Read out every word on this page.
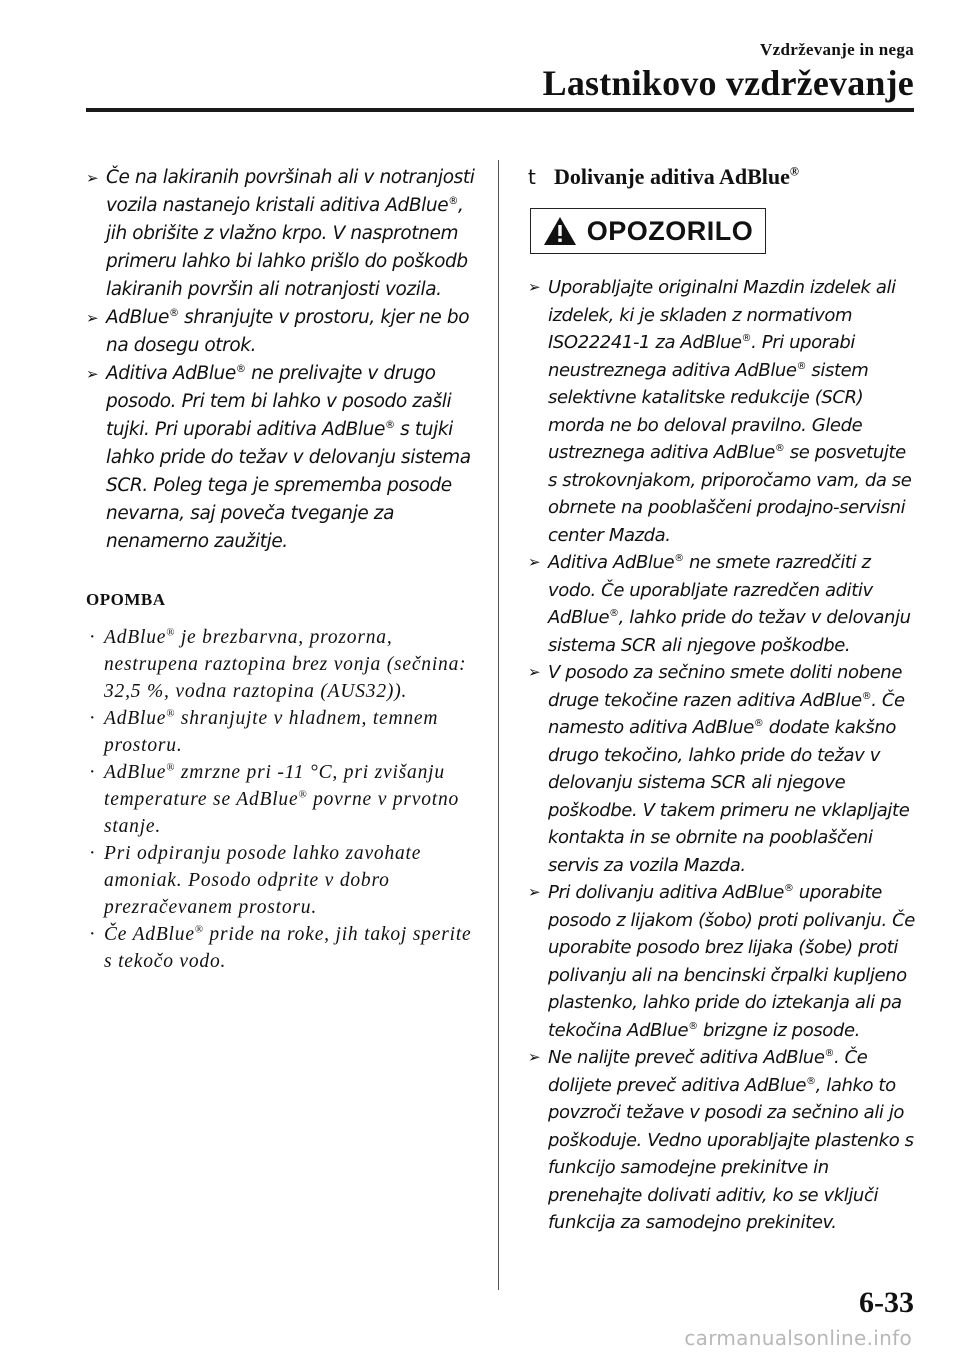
Vzdrževanje in nega
Lastnikovo vzdrževanje
➢ Če na lakiranih površinah ali v notranjosti vozila nastanejo kristali aditiva AdBlue®, jih obrišite z vlažno krpo. V nasprotnem primeru lahko bi lahko prišlo do poškodb lakiranih površin ali notranjosti vozila.
➢ AdBlue® shranjujte v prostoru, kjer ne bo na dosegu otrok.
➢ Aditiva AdBlue® ne prelivajte v drugo posodo. Pri tem bi lahko v posodo zašli tujki. Pri uporabi aditiva AdBlue® s tujki lahko pride do težav v delovanju sistema SCR. Poleg tega je sprememba posode nevarna, saj poveča tveganje za nenamerno zaužitje.
OPOMBA
· AdBlue® je brezbarvna, prozorna, nestrupena raztopina brez vonja (sečnina: 32,5 %, vodna raztopina (AUS32)).
· AdBlue® shranjujte v hladnem, temnem prostoru.
· AdBlue® zmrzne pri -11 °C, pri zvišanju temperature se AdBlue® povrne v prvotno stanje.
· Pri odpiranju posode lahko zavohate amoniak. Posodo odprite v dobro prezračevanem prostoru.
· Če AdBlue® pride na roke, jih takoj sperite s tekočo vodo.
t Dolivanje aditiva AdBlue®
OPOZORILO
➢ Uporabljajte originalni Mazdin izdelek ali izdelek, ki je skladen z normativom ISO22241-1 za AdBlue®. Pri uporabi neustreznega aditiva AdBlue® sistem selektivne katalitske redukcije (SCR) morda ne bo deloval pravilno. Glede ustreznega aditiva AdBlue® se posvetujte s strokovnjakom, priporočamo vam, da se obrnete na pooblaščeni prodajno-servisni center Mazda.
➢ Aditiva AdBlue® ne smete razredčiti z vodo. Če uporabljate razredčen aditiv AdBlue®, lahko pride do težav v delovanju sistema SCR ali njegove poškodbe.
➢ V posodo za sečnino smete doliti nobene druge tekočine razen aditiva AdBlue®. Če namesto aditiva AdBlue® dodate kakšno drugo tekočino, lahko pride do težav v delovanju sistema SCR ali njegove poškodbe. V takem primeru ne vklapljajte kontakta in se obrnite na pooblaščeni servis za vozila Mazda.
➢ Pri dolivanju aditiva AdBlue® uporabite posodo z lijakom (šobo) proti polivanju. Če uporabite posodo brez lijaka (šobe) proti polivanju ali na bencinski črpalki kupljeno plastenko, lahko pride do iztekanja ali pa tekočina AdBlue® brizgne iz posode.
➢ Ne nalijte preveč aditiva AdBlue®. Če dolijete preveč aditiva AdBlue®, lahko to povzroči težave v posodi za sečnino ali jo poškoduje. Vedno uporabljajte plastenko s funkcijo samodejne prekinitve in prenehajte dolivati aditiv, ko se vključi funkcija za samodejno prekinitev.
6-33
carmanualsonline.info
